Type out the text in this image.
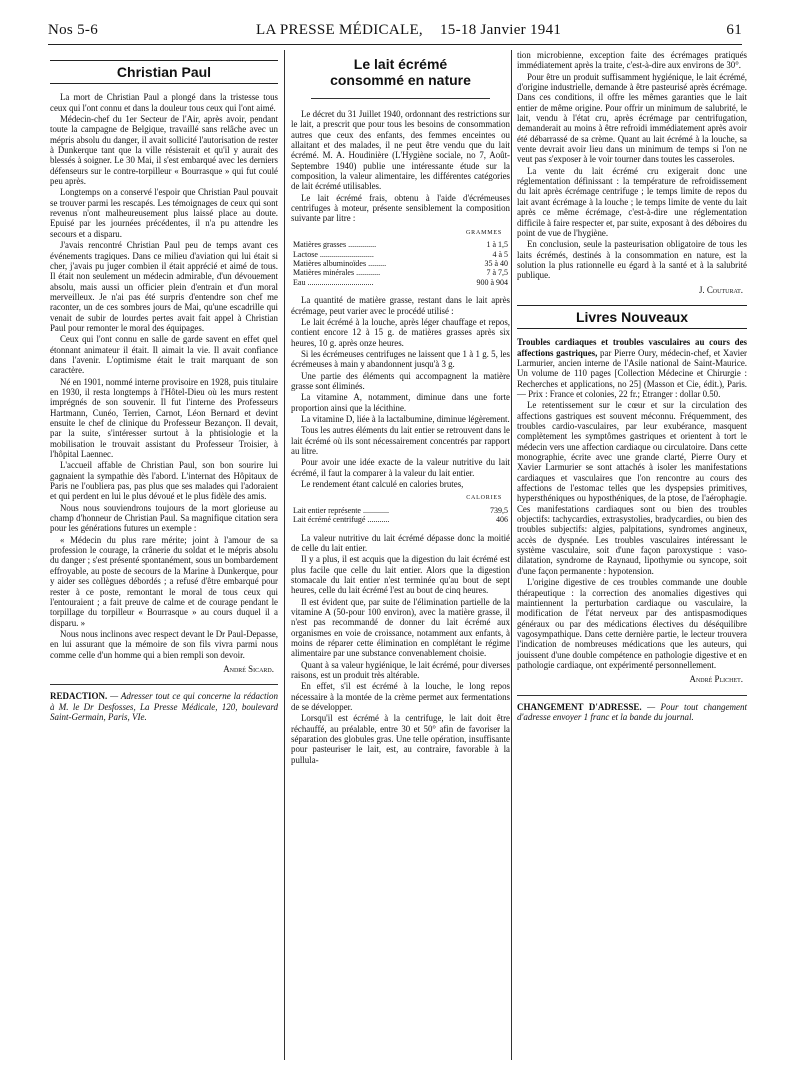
Nos 5-6	LA PRESSE MÉDICALE, 15-18 Janvier 1941	61
Christian Paul

La mort de Christian Paul a plongé dans la tristesse tous ceux qui l'ont connu et dans la douleur tous ceux qui l'ont aimé.

Médecin-chef du 1er Secteur de l'Air, après avoir, pendant toute la campagne de Belgique, travaillé sans relâche avec un mépris absolu du danger, il avait sollicité l'autorisation de rester à Dunkerque tant que la ville résisterait et qu'il y aurait des blessés à soigner. Le 30 Mai, il s'est embarqué avec les derniers défenseurs sur le contre-torpilleur « Bourrasque » qui fut coulé peu après.

Longtemps on a conservé l'espoir que Christian Paul pouvait se trouver parmi les rescapés. Les témoignages de ceux qui sont revenus n'ont malheureusement plus laissé place au doute. Epuisé par les journées précédentes, il n'a pu attendre les secours et a disparu.

J'avais rencontré Christian Paul peu de temps avant ces événements tragiques. Dans ce milieu d'aviation qui lui était si cher, j'avais pu juger combien il était apprécié et aimé de tous. Il était non seulement un médecin admirable, d'un dévouement absolu, mais aussi un officier plein d'entrain et d'un moral merveilleux. Je n'ai pas été surpris d'entendre son chef me raconter, un de ces sombres jours de Mai, qu'une escadrille qui venait de subir de lourdes pertes avait fait appel à Christian Paul pour remonter le moral des équipages.

Ceux qui l'ont connu en salle de garde savent en effet quel étonnant animateur il était. Il aimait la vie. Il avait confiance dans l'avenir. L'optimisme était le trait marquant de son caractère.

Né en 1901, nommé interne provisoire en 1928, puis titulaire en 1930, il resta longtemps à l'Hôtel-Dieu où les murs restent imprégnés de son souvenir. Il fut l'interne des Professeurs Hartmann, Cunéo, Terrien, Carnot, Léon Bernard et devint ensuite le chef de clinique du Professeur Bezançon. Il devait, par la suite, s'intéresser surtout à la phtisiologie et la mobilisation le trouvait assistant du Professeur Troisier, à l'hôpital Laennec.

L'accueil affable de Christian Paul, son bon sourire lui gagnaient la sympathie dès l'abord. L'internat des Hôpitaux de Paris ne l'oubliera pas, pas plus que ses malades qui l'adoraient et qui perdent en lui le plus dévoué et le plus fidèle des amis.

Nous nous souviendrons toujours de la mort glorieuse au champ d'honneur de Christian Paul. Sa magnifique citation sera pour les générations futures un exemple :

« Médecin du plus rare mérite; joint à l'amour de sa profession le courage, la crânerie du soldat et le mépris absolu du danger ; s'est présenté spontanément, sous un bombardement effroyable, au poste de secours de la Marine à Dunkerque, pour y aider ses collègues débordés ; a refusé d'être embarqué pour rester à ce poste, remontant le moral de tous ceux qui l'entouraient ; a fait preuve de calme et de courage pendant le torpillage du torpilleur « Bourrasque » au cours duquel il a disparu. »

Nous nous inclinons avec respect devant le Dr Paul-Depasse, en lui assurant que la mémoire de son fils vivra parmi nous comme celle d'un homme qui a bien rempli son devoir.

André Sicard.

REDACTION. — Adresser tout ce qui concerne la rédaction à M. le Dr Desfosses, La Presse Médicale, 120, boulevard Saint-Germain, Paris, VIe.

Le lait écrémé
consommé en nature

Le décret du 31 Juillet 1940, ordonnant des restrictions sur le lait, a prescrit que pour tous les besoins de consommation autres que ceux des enfants, des femmes enceintes ou allaitant et des malades, il ne peut être vendu que du lait écrémé. M. A. Houdinière (L'Hygiène sociale, no 7, Août-Septembre 1940) publie une intéressante étude sur la composition, la valeur alimentaire, les différentes catégories de lait écrémé utilisables.

Le lait écrémé frais, obtenu à l'aide d'écrémeuses centrifuges à moteur, présente sensiblement la composition suivante par litre :

GRAMMES
Matières grasses ..............	1 à 1,5
Lactose ...........................	4 à 5
Matières albuminoïdes .........	35 à 40
Matières minérales ............	7 à 7,5
Eau .................................	900 à 904

La quantité de matière grasse, restant dans le lait après écrémage, peut varier avec le procédé utilisé :

Le lait écrémé à la louche, après léger chauffage et repos, contient encore 12 à 15 g. de matières grasses après six heures, 10 g. après onze heures.

Si les écrémeuses centrifuges ne laissent que 1 à 1 g. 5, les écrémeuses à main y abandonnent jusqu'à 3 g.

Une partie des éléments qui accompagnent la matière grasse sont éliminés.

La vitamine A, notamment, diminue dans une forte proportion ainsi que la lécithine.

La vitamine D, liée à la lactalbumine, diminue légèrement.

Tous les autres éléments du lait entier se retrouvent dans le lait écrémé où ils sont nécessairement concentrés par rapport au litre.

Pour avoir une idée exacte de la valeur nutritive du lait écrémé, il faut la comparer à la valeur du lait entier.

Le rendement étant calculé en calories brutes,

CALORIES
Lait entier représente .............	739,5
Lait écrémé centrifugé ...........	406

La valeur nutritive du lait écrémé dépasse donc la moitié de celle du lait entier.

Il y a plus, il est acquis que la digestion du lait écrémé est plus facile que celle du lait entier. Alors que la digestion stomacale du lait entier n'est terminée qu'au bout de sept heures, celle du lait écrémé l'est au bout de cinq heures.

Il est évident que, par suite de l'élimination partielle de la vitamine A (50-pour 100 environ), avec la matière grasse, il n'est pas recommandé de donner du lait écrémé aux organismes en voie de croissance, notamment aux enfants, à moins de réparer cette élimination en complétant le régime alimentaire par une substance convenablement choisie.

Quant à sa valeur hygiénique, le lait écrémé, pour diverses raisons, est un produit très altérable.

En effet, s'il est écrémé à la louche, le long repos nécessaire à la montée de la crème permet aux fermentations de se développer.

Lorsqu'il est écrémé à la centrifuge, le lait doit être réchauffé, au préalable, entre 30 et 50° afin de favoriser la séparation des globules gras. Une telle opération, insuffisante pour pasteuriser le lait, est, au contraire, favorable à la pullula-

tion microbienne, exception faite des écrémages pratiqués immédiatement après la traite, c'est-à-dire aux environs de 30°.

Pour être un produit suffisamment hygiénique, le lait écrémé, d'origine industrielle, demande à être pasteurisé après écrémage. Dans ces conditions, il offre les mêmes garanties que le lait entier de même origine. Pour offrir un minimum de salubrité, le lait, vendu à l'état cru, après écrémage par centrifugation, demanderait au moins à être refroidi immédiatement après avoir été débarrassé de sa crème. Quant au lait écrémé à la louche, sa vente devrait avoir lieu dans un minimum de temps si l'on ne veut pas s'exposer à le voir tourner dans toutes les casseroles.

La vente du lait écrémé cru exigerait donc une réglementation définissant : la température de refroidissement du lait après écrémage centrifuge ; le temps limite de repos du lait avant écrémage à la louche ; le temps limite de vente du lait après ce même écrémage, c'est-à-dire une réglementation difficile à faire respecter et, par suite, exposant à des déboires du point de vue de l'hygiène.

En conclusion, seule la pasteurisation obligatoire de tous les laits écrémés, destinés à la consommation en nature, est la solution la plus rationnelle eu égard à la santé et à la salubrité publique.

J. Couturat.

Livres Nouveaux

Troubles cardiaques et troubles vasculaires au cours des affections gastriques, par Pierre Oury, médecin-chef, et Xavier Larmurier, ancien interne de l'Asile national de Saint-Maurice. Un volume de 110 pages [Collection Médecine et Chirurgie : Recherches et applications, no 25] (Masson et Cie, édit.), Paris. — Prix : France et colonies, 22 fr.; Etranger : dollar 0.50.

Le retentissement sur le cœur et sur la circulation des affections gastriques est souvent méconnu. Fréquemment, des troubles cardio-vasculaires, par leur exubérance, masquent complètement les symptômes gastriques et orientent à tort le médecin vers une affection cardiaque ou circulatoire. Dans cette monographie, écrite avec une grande clarté, Pierre Oury et Xavier Larmurier se sont attachés à isoler les manifestations cardiaques et vasculaires que l'on rencontre au cours des affections de l'estomac telles que les dyspepsies primitives, hypersthéniques ou hyposthéniques, de la ptose, de l'aérophagie. Ces manifestations cardiaques sont ou bien des troubles objectifs: tachycardies, extrasystolies, bradycardies, ou bien des troubles subjectifs: algies, palpitations, syndromes angineux, accès de dyspnée. Les troubles vasculaires intéressant le système vasculaire, soit d'une façon paroxystique : vaso-dilatation, syndrome de Raynaud, lipothymie ou syncope, soit d'une façon permanente : hypotension.

L'origine digestive de ces troubles commande une double thérapeutique : la correction des anomalies digestives qui maintiennent la perturbation cardiaque ou vasculaire, la modification de l'état nerveux par des antispasmodiques généraux ou par des médications électives du déséquilibre vagosympathique. Dans cette dernière partie, le lecteur trouvera l'indication de nombreuses médications que les auteurs, qui jouissent d'une double compétence en pathologie digestive et en pathologie cardiaque, ont expérimenté personnellement.

André Plichet.

CHANGEMENT D'ADRESSE. — Pour tout changement d'adresse envoyer 1 franc et la bande du journal.
